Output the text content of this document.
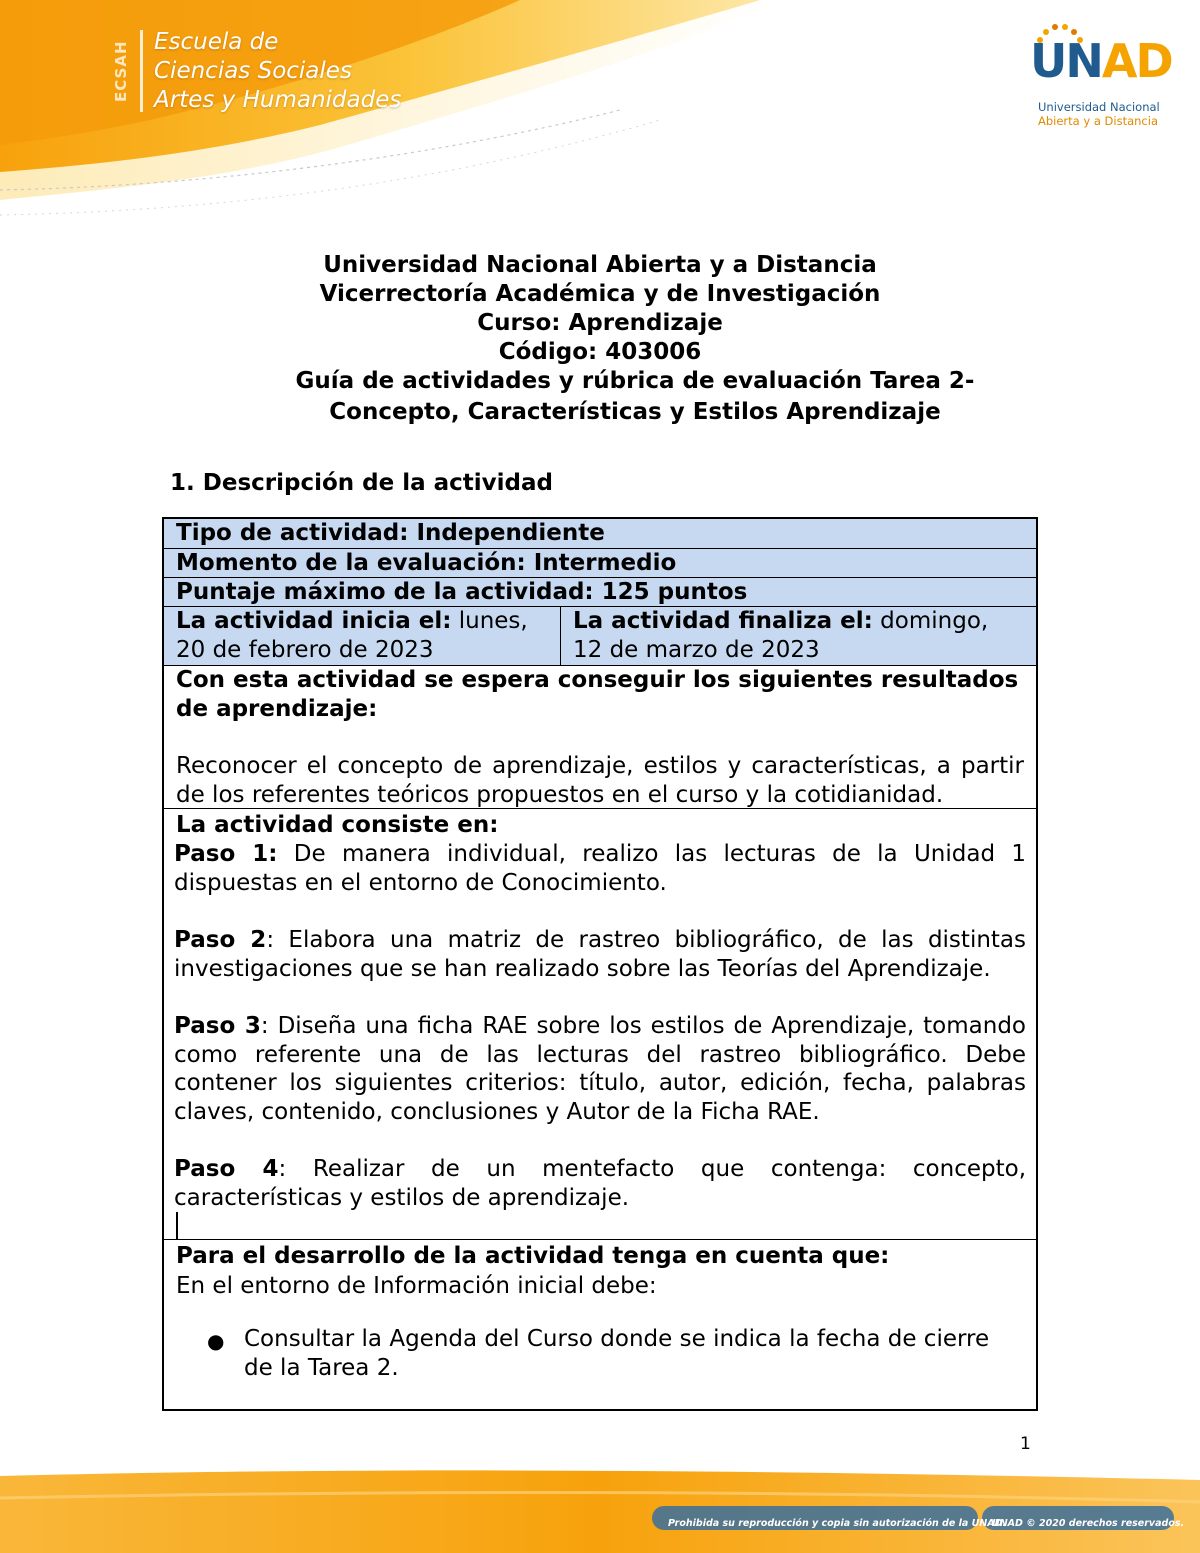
ECSAH Escuela de
Ciencias Sociales
Artes y Humanidades
UNAD
Universidad Nacional
Abierta y a Distancia
Universidad Nacional Abierta y a Distancia
Vicerrectoría Académica y de Investigación
Curso: Aprendizaje
Código: 403006
Guía de actividades y rúbrica de evaluación Tarea 2- Concepto, Características y Estilos Aprendizaje
1. Descripción de la actividad
Tipo de actividad: Independiente
Momento de la evaluación: Intermedio
Puntaje máximo de la actividad: 125 puntos
La actividad inicia el: lunes, 20 de febrero de 2023
La actividad finaliza el: domingo, 12 de marzo de 2023
Con esta actividad se espera conseguir los siguientes resultados de aprendizaje:
Reconocer el concepto de aprendizaje, estilos y características, a partir de los referentes teóricos propuestos en el curso y la cotidianidad.
La actividad consiste en:
Paso 1: De manera individual, realizo las lecturas de la Unidad 1 dispuestas en el entorno de Conocimiento.
Paso 2: Elabora una matriz de rastreo bibliográfico, de las distintas investigaciones que se han realizado sobre las Teorías del Aprendizaje.
Paso 3: Diseña una ficha RAE sobre los estilos de Aprendizaje, tomando como referente una de las lecturas del rastreo bibliográfico. Debe contener los siguientes criterios: título, autor, edición, fecha, palabras claves, contenido, conclusiones y Autor de la Ficha RAE.
Paso 4: Realizar de un mentefacto que contenga: concepto,
características y estilos de aprendizaje.
Para el desarrollo de la actividad tenga en cuenta que:
En el entorno de Información inicial debe:
● Consultar la Agenda del Curso donde se indica la fecha de cierre de la Tarea 2.
1
Prohibida su reproducción y copia sin autorización de la UNAD.
UNAD © 2020 derechos reservados.
